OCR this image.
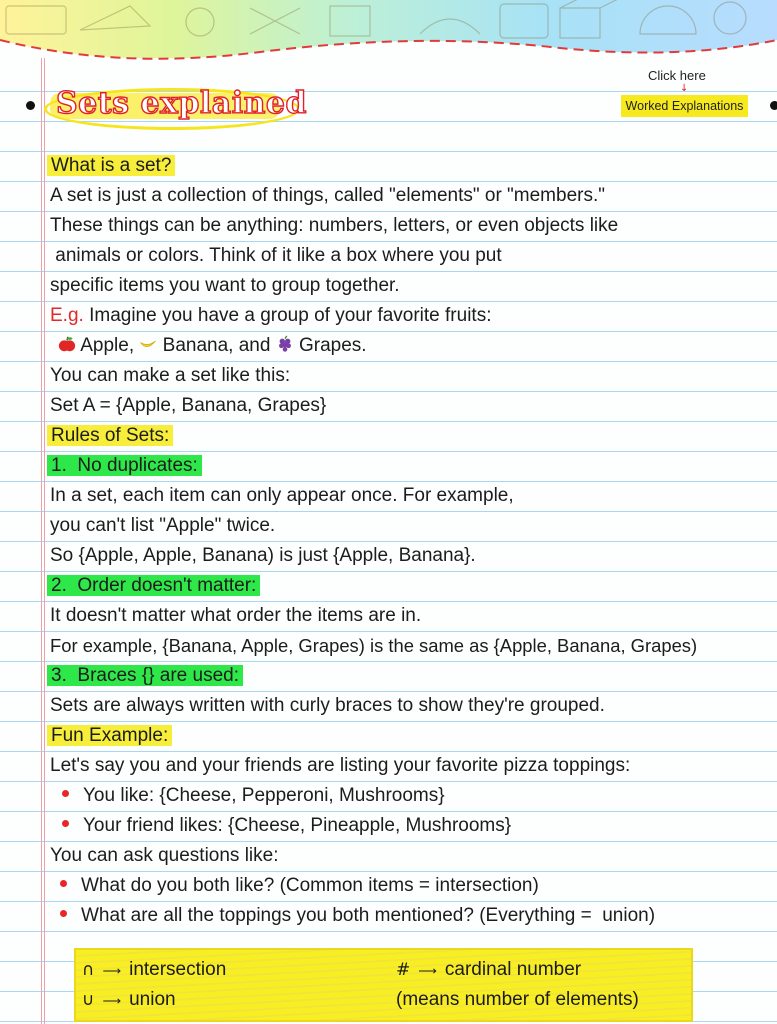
Sets explained
Click here
↓
Worked Explanations
What is a set?
A set is just a collection of things, called "elements" or "members."
These things can be anything: numbers, letters, or even objects like
animals or colors. Think of it like a box where you put
specific items you want to group together.
E.g. Imagine you have a group of your favorite fruits:
Apple,  Banana, and  Grapes.
You can make a set like this:
Set A = {Apple, Banana, Grapes}
Rules of Sets:
1.  No duplicates:
In a set, each item can only appear once. For example,
you can't list "Apple" twice.
So {Apple, Apple, Banana) is just {Apple, Banana}.
2.  Order doesn't matter:
It doesn't matter what order the items are in.
For example, {Banana, Apple, Grapes) is the same as {Apple, Banana, Grapes)
3.  Braces {} are used:
Sets are always written with curly braces to show they're grouped.
Fun Example:
Let's say you and your friends are listing your favorite pizza toppings:
You like: {Cheese, Pepperoni, Mushrooms}
Your friend likes: {Cheese, Pineapple, Mushrooms}
You can ask questions like:
What do you both like? (Common items = intersection)
What are all the toppings you both mentioned? (Everything =  union)
∩ ⟶ intersection
∪ ⟶ union
# ⟶ cardinal number
(means number of elements)
